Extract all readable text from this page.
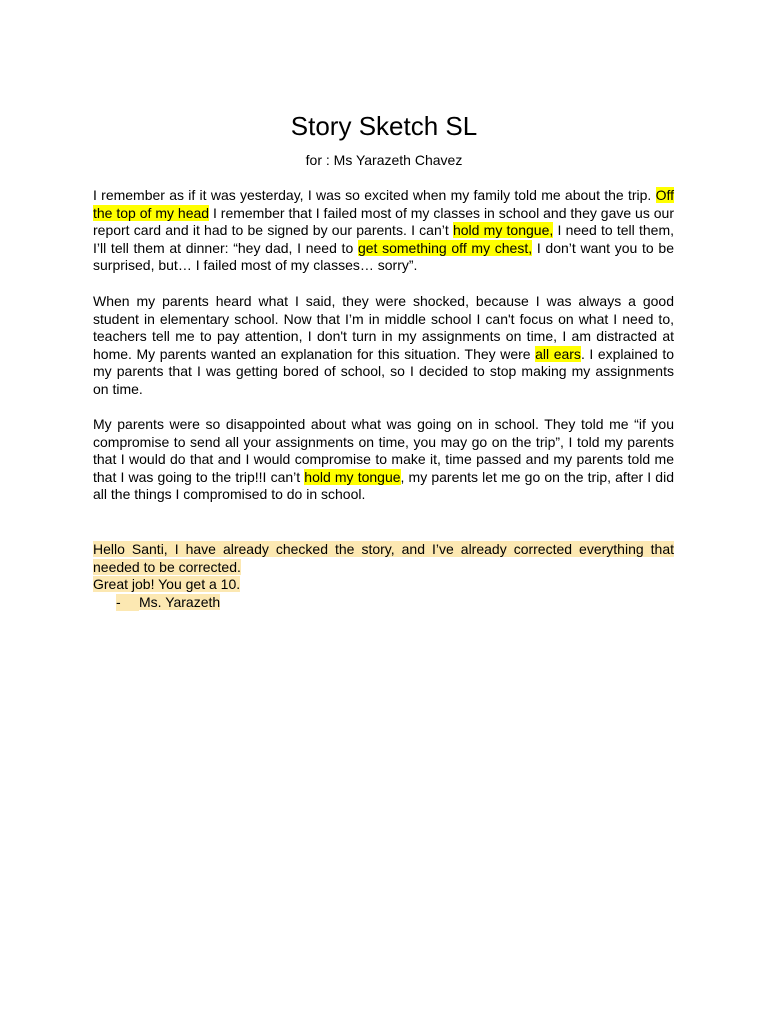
Story Sketch SL

for : Ms Yarazeth Chavez

I remember as if it was yesterday, I was so excited when my family told me about the trip. Off the top of my head I remember that I failed most of my classes in school and they gave us our report card and it had to be signed by our parents. I can’t hold my tongue, I need to tell them, I’ll tell them at dinner: “hey dad, I need to get something off my chest, I don’t want you to be surprised, but… I failed most of my classes… sorry”.

When my parents heard what I said, they were shocked, because I was always a good student in elementary school. Now that I’m in middle school I can't focus on what I need to, teachers tell me to pay attention, I don't turn in my assignments on time, I am distracted at home. My parents wanted an explanation for this situation. They were all ears. I explained to my parents that I was getting bored of school, so I decided to stop making my assignments on time.

My parents were so disappointed about what was going on in school. They told me “if you compromise to send all your assignments on time, you may go on the trip”, I told my parents that I would do that and I would compromise to make it, time passed and my parents told me that I was going to the trip!!I can’t hold my tongue, my parents let me go on the trip, after I did all the things I compromised to do in school.

Hello Santi, I have already checked the story, and I’ve already corrected everything that needed to be corrected.

Great job! You get a 10.

- Ms. Yarazeth
